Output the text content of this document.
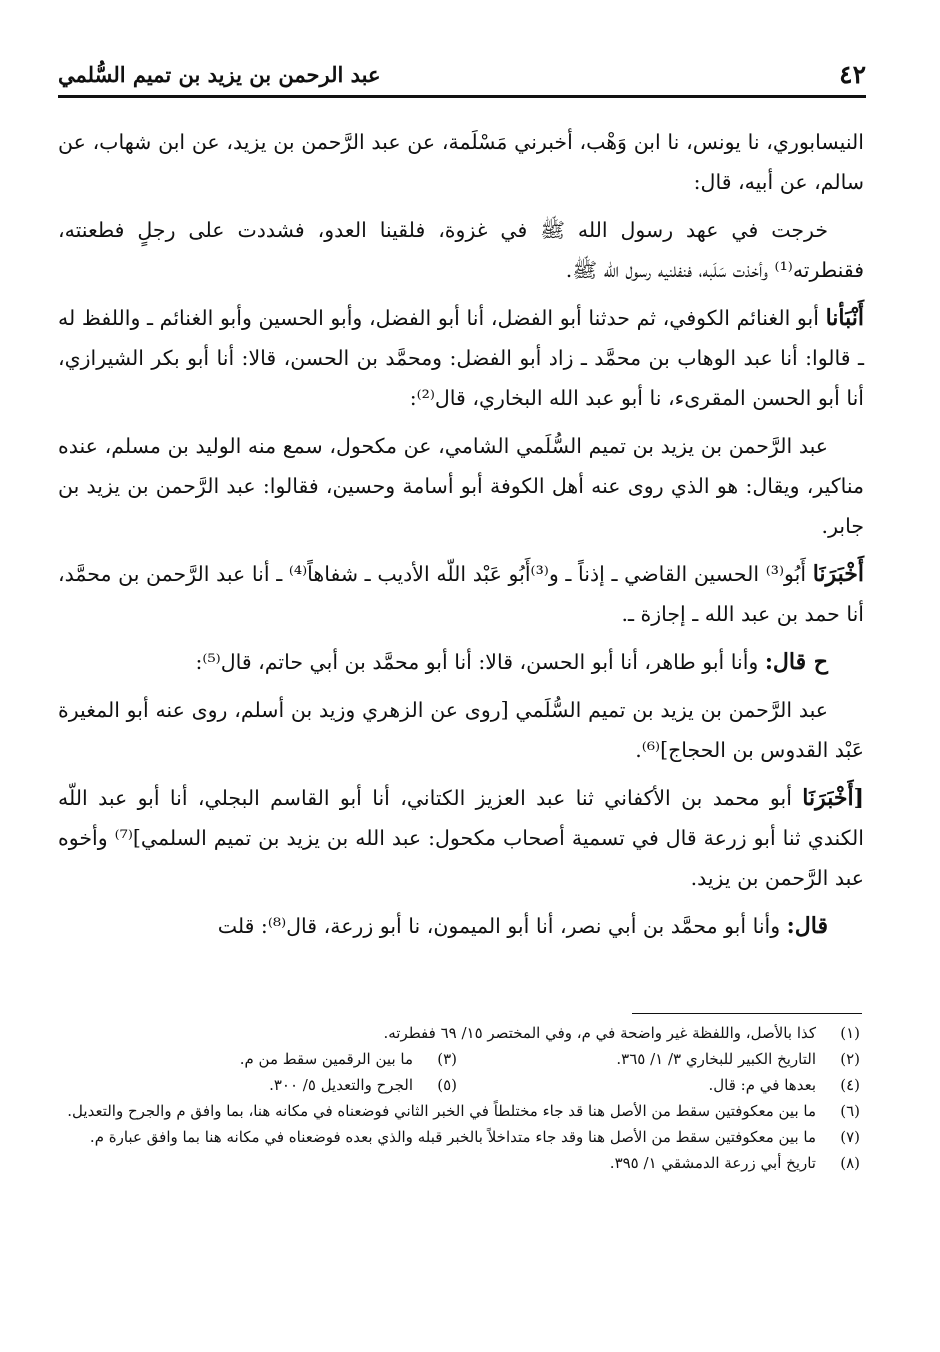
٤٢
عبد الرحمن بن يزيد بن تميم السُّلمي

النيسابوري، نا يونس، نا ابن وَهْب، أخبرني مَسْلَمة، عن عبد الرَّحمن بن يزيد، عن ابن شهاب، عن سالم، عن أبيه، قال:

خرجت في عهد رسول الله ﷺ في غزوة، فلقينا العدو، فشددت على رجلٍ فطعنته، فقنطرته⁽¹⁾ وأخذت سَلَبه، فنفلنيه رسول الله ﷺ.

أَنْبَأنا أبو الغنائم الكوفي، ثم حدثنا أبو الفضل، أنا أبو الفضل، وأبو الحسين وأبو الغنائم ـ واللفظ له ـ قالوا: أنا عبد الوهاب بن محمَّد ـ زاد أبو الفضل: ومحمَّد بن الحسن، قالا: أنا أبو بكر الشيرازي، أنا أبو الحسن المقرىء، نا أبو عبد الله البخاري، قال⁽²⁾:

عبد الرَّحمن بن يزيد بن تميم السُّلَمي الشامي، عن مكحول، سمع منه الوليد بن مسلم، عنده مناكير، ويقال: هو الذي روى عنه أهل الكوفة أبو أسامة وحسين، فقالوا: عبد الرَّحمن بن يزيد بن جابر.

أَخْبَرَنَا أَبُو⁽³⁾ الحسين القاضي ـ إذناً ـ و⁽³⁾أَبُو عَبْد اللّه الأديب ـ شفاهاً⁽⁴⁾ ـ أنا عبد الرَّحمن بن محمَّد، أنا حمد بن عبد الله ـ إجازة ـ.

ح قال: وأنا أبو طاهر، أنا أبو الحسن، قالا: أنا أبو محمَّد بن أبي حاتم، قال⁽⁵⁾:

عبد الرَّحمن بن يزيد بن تميم السُّلَمي [روى عن الزهري وزيد بن أسلم، روى عنه أبو المغيرة عَبْد القدوس بن الحجاج]⁽⁶⁾.

[أَخْبَرَنَا أبو محمد بن الأكفاني ثنا عبد العزيز الكتاني، أنا أبو القاسم البجلي، أنا أبو عبد اللّه الكندي ثنا أبو زرعة قال في تسمية أصحاب مكحول: عبد الله بن يزيد بن تميم السلمي]⁽⁷⁾ وأخوه عبد الرَّحمن بن يزيد.

قال: وأنا أبو محمَّد بن أبي نصر، أنا أبو الميمون، نا أبو زرعة، قال⁽⁸⁾: قلت

(١)
كذا بالأصل، واللفظة غير واضحة في م، وفي المختصر ١٥/ ٦٩ ففطرته.
(٢)
التاريخ الكبير للبخاري ٣/ ١/ ٣٦٥.
(٣)
ما بين الرقمين سقط من م.
(٤)
بعدها في م: قال.
(٥)
الجرح والتعديل ٥/ ٣٠٠.
(٦)
ما بين معكوفتين سقط من الأصل هنا قد جاء مختلطاً في الخبر الثاني فوضعناه في مكانه هنا، بما وافق م والجرح والتعديل.
(٧)
ما بين معكوفتين سقط من الأصل هنا وقد جاء متداخلاً بالخبر قبله والذي بعده فوضعناه في مكانه هنا بما وافق عبارة م.
(٨)
تاريخ أبي زرعة الدمشقي ١/ ٣٩٥.
